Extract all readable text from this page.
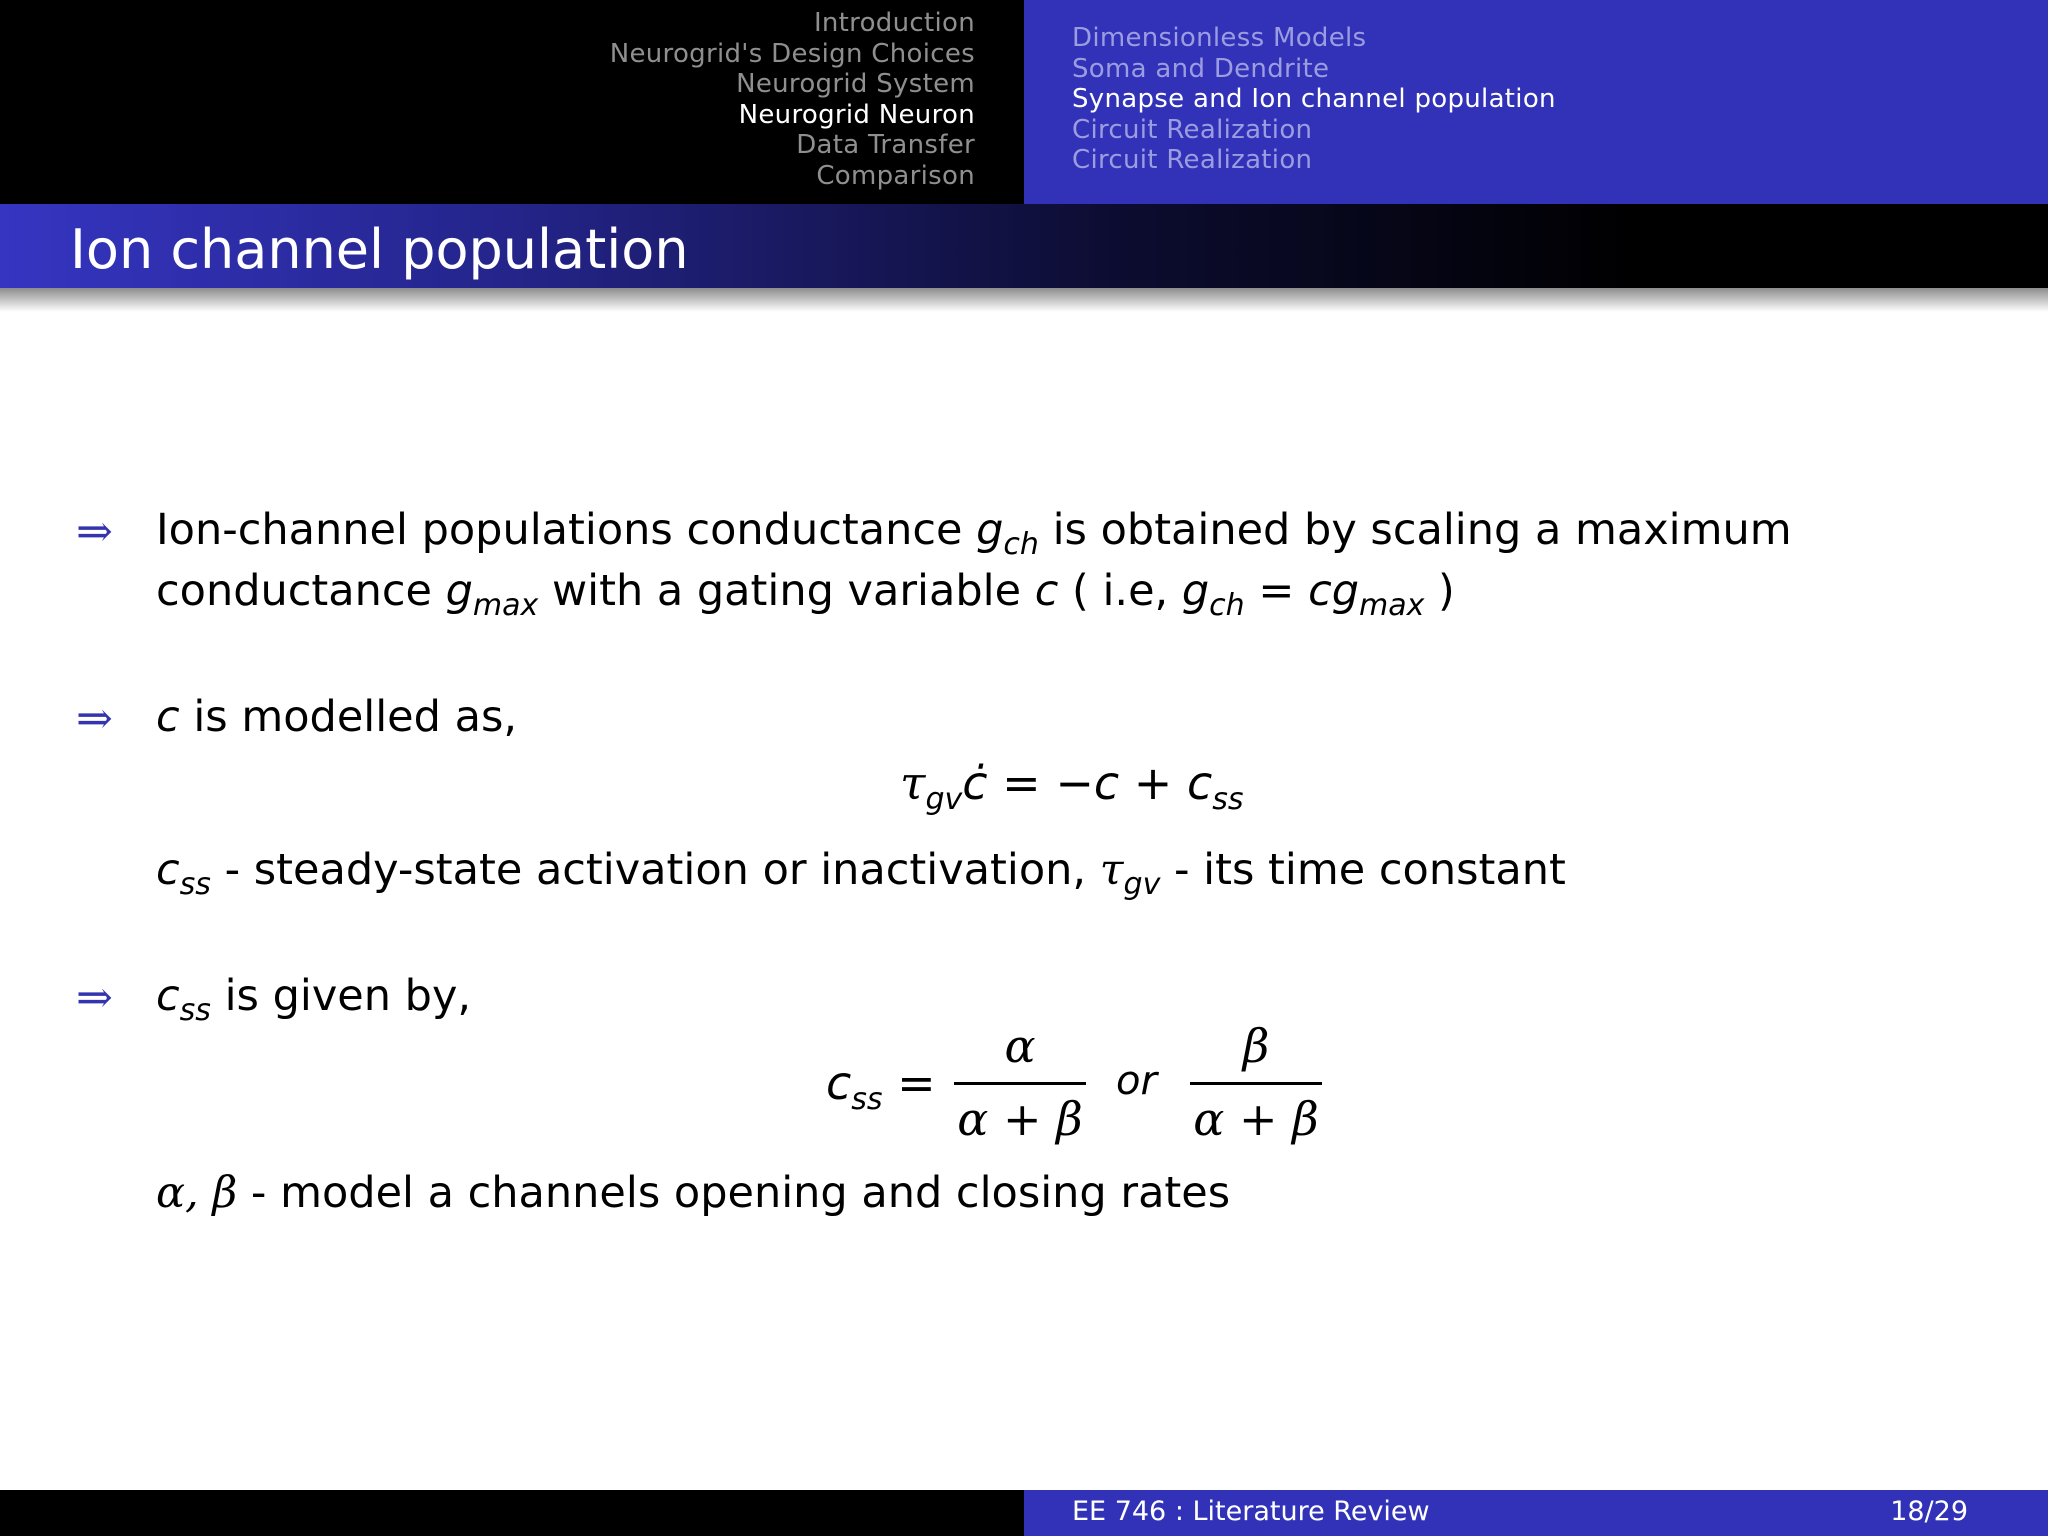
Introduction
Neurogrid's Design Choices
Neurogrid System
Neurogrid Neuron
Data Transfer
Comparison
Dimensionless Models
Soma and Dendrite
Synapse and Ion channel population
Circuit Realization
Circuit Realization
Ion channel population
⇒ Ion-channel populations conductance $g_{ch}$ is obtained by scaling a maximum
conductance $g_{max}$ with a gating variable c ( i.e, $g_{ch} = cg_{max}$ )
⇒ c is modelled as,
$\tau_{gv}ċ = -c + c_{ss}$
$c_{ss}$ - steady-state activation or inactivation, $\tau_{gv}$ - its time constant
⇒ $c_{ss}$ is given by,
$c_{ss}$ =
α
α + β
or
β
α + β
α, β - model a channels opening and closing rates
EE 746 : Literature Review	18/29
